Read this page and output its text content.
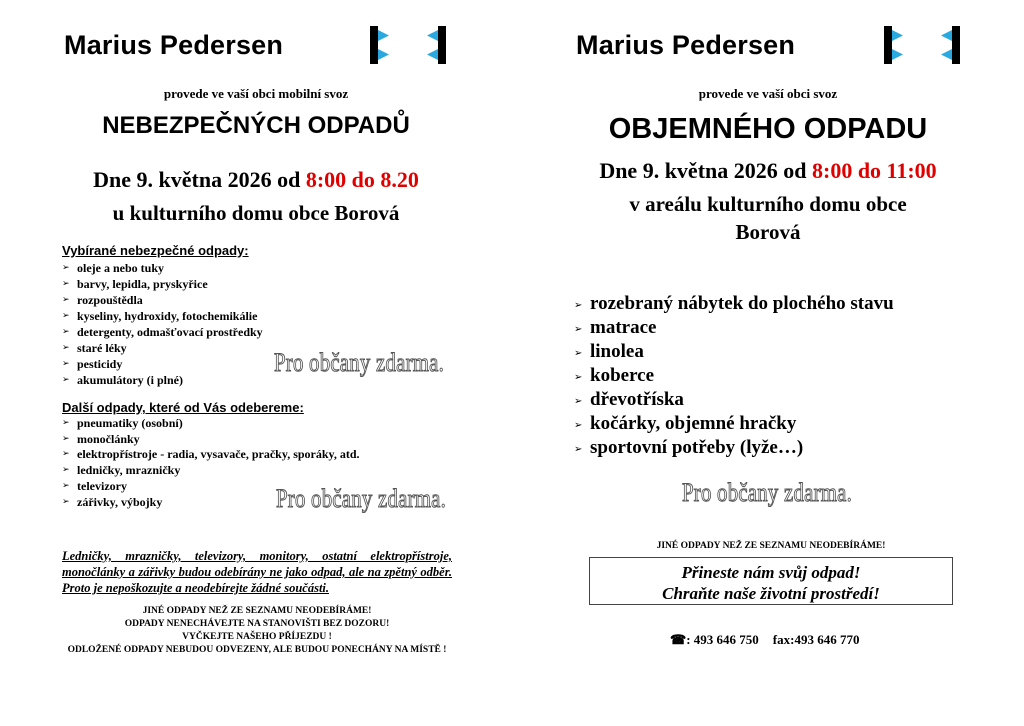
Marius Pedersen
provede ve vaší obci mobilní svoz
NEBEZPEČNÝCH ODPADŮ
Dne 9. května 2026 od 8:00 do 8.20
u kulturního domu obce Borová
Vybírané nebezpečné odpady:
➢ oleje a nebo tuky
➢ barvy, lepidla, pryskyřice
➢ rozpouštědla
➢ kyseliny, hydroxidy, fotochemikálie
➢ detergenty, odmašťovací prostředky
➢ staré léky
➢ pesticidy
➢ akumulátory (i plné)
Pro občany zdarma.
Další odpady, které od Vás odebereme:
➢ pneumatiky (osobní)
➢ monočlánky
➢ elektropřístroje - radia, vysavače, pračky, sporáky, atd.
➢ ledničky, mrazničky
➢ televizory
➢ zářivky, výbojky	Pro občany zdarma.
Ledničky, mrazničky, televizory, monitory, ostatní elektropřístroje, monočlánky a zářivky budou odebírány ne jako odpad, ale na zpětný odběr. Proto je nepoškozujte a neodebírejte žádné součásti.
JINÉ ODPADY NEŽ ZE SEZNAMU NEODEBÍRÁME!
ODPADY NENECHÁVEJTE NA STANOVIŠTI BEZ DOZORU!
VYČKEJTE NAŠEHO PŘÍJEZDU !
ODLOŽENÉ ODPADY NEBUDOU ODVEZENY, ALE BUDOU PONECHÁNY NA MÍSTĚ !
Marius Pedersen
provede ve vaší obci svoz
OBJEMNÉHO ODPADU
Dne 9. května 2026 od 8:00 do 11:00
v areálu kulturního domu obce
Borová
➢ rozebraný nábytek do plochého stavu
➢ matrace
➢ linolea
➢ koberce
➢ dřevotříska
➢ kočárky, objemné hračky
➢ sportovní potřeby (lyže…)
Pro občany zdarma.
JINÉ ODPADY NEŽ ZE SEZNAMU NEODEBÍRÁME!
Přineste nám svůj odpad!
Chraňte naše životní prostředí!
☎: 493 646 750 fax:493 646 770
